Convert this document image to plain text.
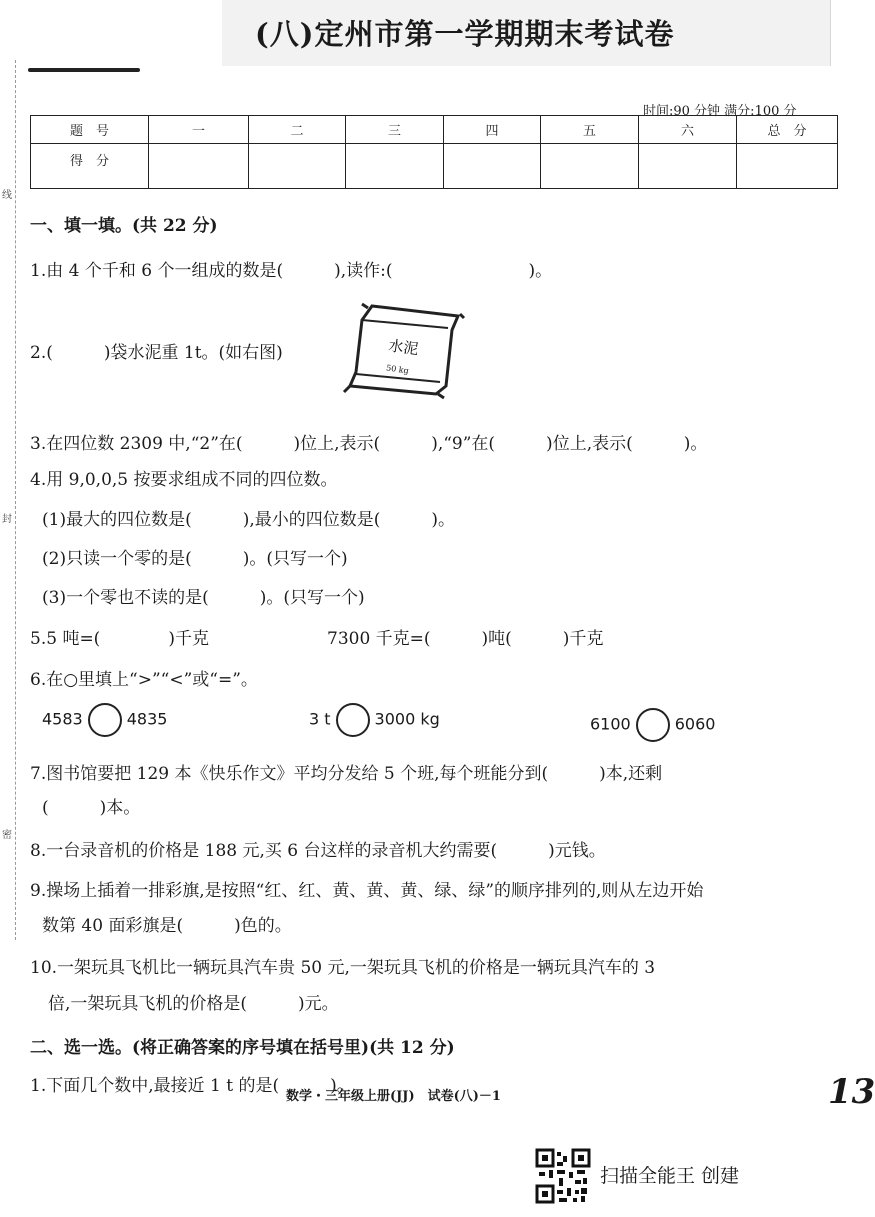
(八)定州市第一学期期末考试卷
线
封
密
时间:90 分钟 满分:100 分
题　号	一	二	三	四	五	六	总　分
得　分							
一、填一填。(共 22 分)
1.由 4 个千和 6 个一组成的数是(　　　),读作:(　　　　　　　　)。
2.(　　　)袋水泥重 1t。(如右图)	水泥
50 kg
3.在四位数 2309 中,“2”在(　　　)位上,表示(　　　),“9”在(　　　)位上,表示(　　　)。
4.用 9,0,0,5 按要求组成不同的四位数。
(1)最大的四位数是(　　　),最小的四位数是(　　　)。
(2)只读一个零的是(　　　)。(只写一个)
(3)一个零也不读的是(　　　)。(只写一个)
5.5 吨=(　　　　)千克	7300 千克=(　　　)吨(　　　)千克
6.在○里填上“>”“<”或“=”。
4583	4835	3 t	3000 kg	6100	6060
7.图书馆要把 129 本《快乐作文》平均分发给 5 个班,每个班能分到(　　　)本,还剩
(　　　)本。
8.一台录音机的价格是 188 元,买 6 台这样的录音机大约需要(　　　)元钱。
9.操场上插着一排彩旗,是按照“红、红、黄、黄、黄、绿、绿”的顺序排列的,则从左边开始
数第 40 面彩旗是(　　　)色的。
10.一架玩具飞机比一辆玩具汽车贵 50 元,一架玩具飞机的价格是一辆玩具汽车的 3
倍,一架玩具飞机的价格是(　　　)元。
二、选一选。(将正确答案的序号填在括号里)(共 12 分)
1.下面几个数中,最接近 1 t 的是(　　　)。
数学・三年级上册(JJ)　试卷(八)－1	13
扫描全能王 创建
